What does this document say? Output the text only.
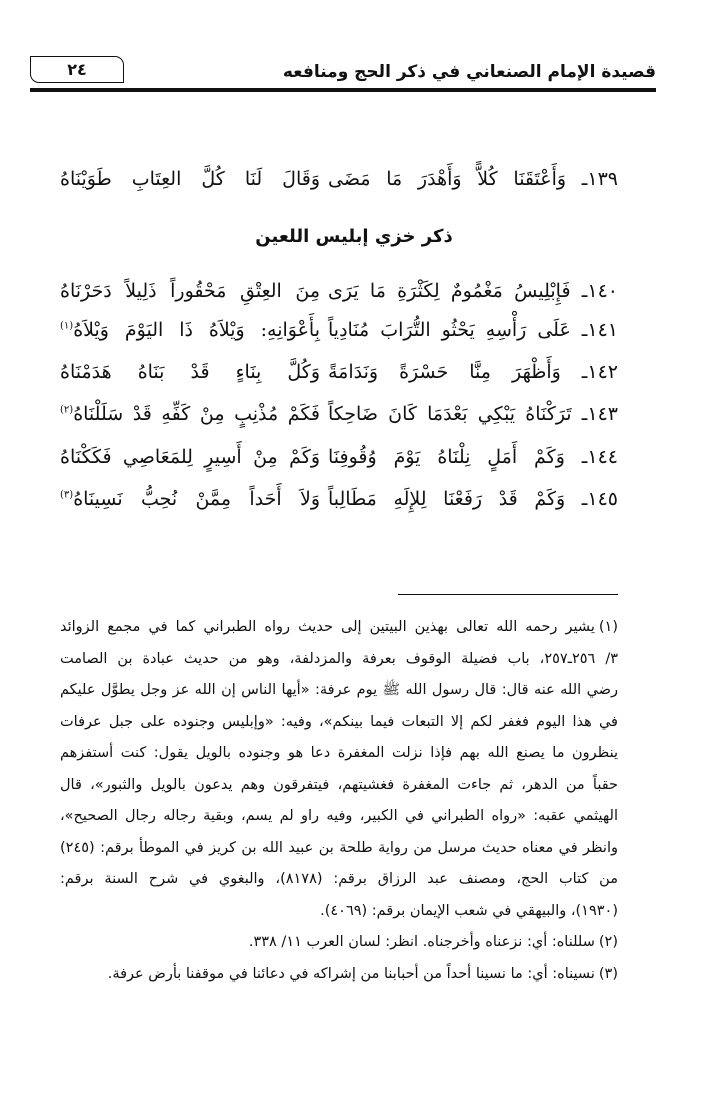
قصيدة الإمام الصنعاني في ذكر الحج ومنافعه
٢٤
١٣٩ـ وَأَعْتَقَنَا كُلاًّ وَأَهْدَرَ مَا مَضَى
وَقَالَ لَنَا كُلَّ العِتَابِ طَوَيْنَاهُ
ذكر خزي إبليس اللعين
١٤٠ـ فَإِبْلِيسُ مَغْمُومٌ لِكَثْرَةِ مَا يَرَى
مِنَ العِتْقِ مَحْقُوراً ذَلِيلاً دَحَرْنَاهُ
١٤١ـ عَلَى رَأْسِهِ يَحْثُو التُّرَابَ مُنَادِياً
بِأَعْوَانِهِ: وَيْلاَهُ ذَا اليَوْمَ وَيْلاَهُ$^{(١)}$
١٤٢ـ وَأَظْهَرَ مِنَّا حَسْرَةً وَنَدَامَةً
وَكُلَّ بِنَاءٍ قَدْ بَنَاهُ هَدَمْنَاهُ
١٤٣ـ تَرَكْنَاهُ يَبْكِي بَعْدَمَا كَانَ ضَاحِكاً
فَكَمْ مُذْنِبٍ مِنْ كَفِّهِ قَدْ سَلَلْنَاهُ$^{(٢)}$
١٤٤ـ وَكَمْ أَمَلٍ نِلْنَاهُ يَوْمَ وُقُوفِنَا
وَكَمْ مِنْ أَسِيرٍ لِلمَعَاصِي فَكَكْنَاهُ
١٤٥ـ وَكَمْ قَدْ رَفَعْنَا لِلإِلَهِ مَطَالِباً
وَلاَ أَحَداً مِمَّنْ نُحِبُّ نَسِينَاهُ$^{(٣)}$
(١)يشير رحمه الله تعالى بهذين البيتين إلى حديث رواه الطبراني كما في مجمع الزوائد
٣/ ٢٥٦ـ٢٥٧، باب فضيلة الوقوف بعرفة والمزدلفة، وهو من حديث عبادة بن الصامت
رضي الله عنه قال: قال رسول الله ﷺ يوم عرفة: «أيها الناس إن الله عز وجل يطوَّل عليكم
في هذا اليوم فغفر لكم إلا التبعات فيما بينكم»، وفيه: «وإبليس وجنوده على جبل عرفات
ينظرون ما يصنع الله بهم فإذا نزلت المغفرة دعا هو وجنوده بالويل يقول: كنت أستفزهم
حقباً من الدهر، ثم جاءت المغفرة فغشيتهم، فيتفرقون وهم يدعون بالويل والثبور»، قال
الهيثمي عقبه: «رواه الطبراني في الكبير، وفيه راو لم يسم، وبقية رجاله رجال الصحيح»،
وانظر في معناه حديث مرسل من رواية طلحة بن عبيد الله بن كريز في الموطأ برقم: (٢٤٥)
من كتاب الحج، ومصنف عبد الرزاق برقم: (٨١٧٨)، والبغوي في شرح السنة برقم:
(١٩٣٠)، والبيهقي في شعب الإيمان برقم: (٤٠٦٩).
(٢)سللناه: أي: نزعناه وأخرجناه. انظر: لسان العرب ١١/ ٣٣٨.
(٣)نسيناه: أي: ما نسينا أحداً من أحبابنا من إشراكه في دعائنا في موقفنا بأرض عرفة.
